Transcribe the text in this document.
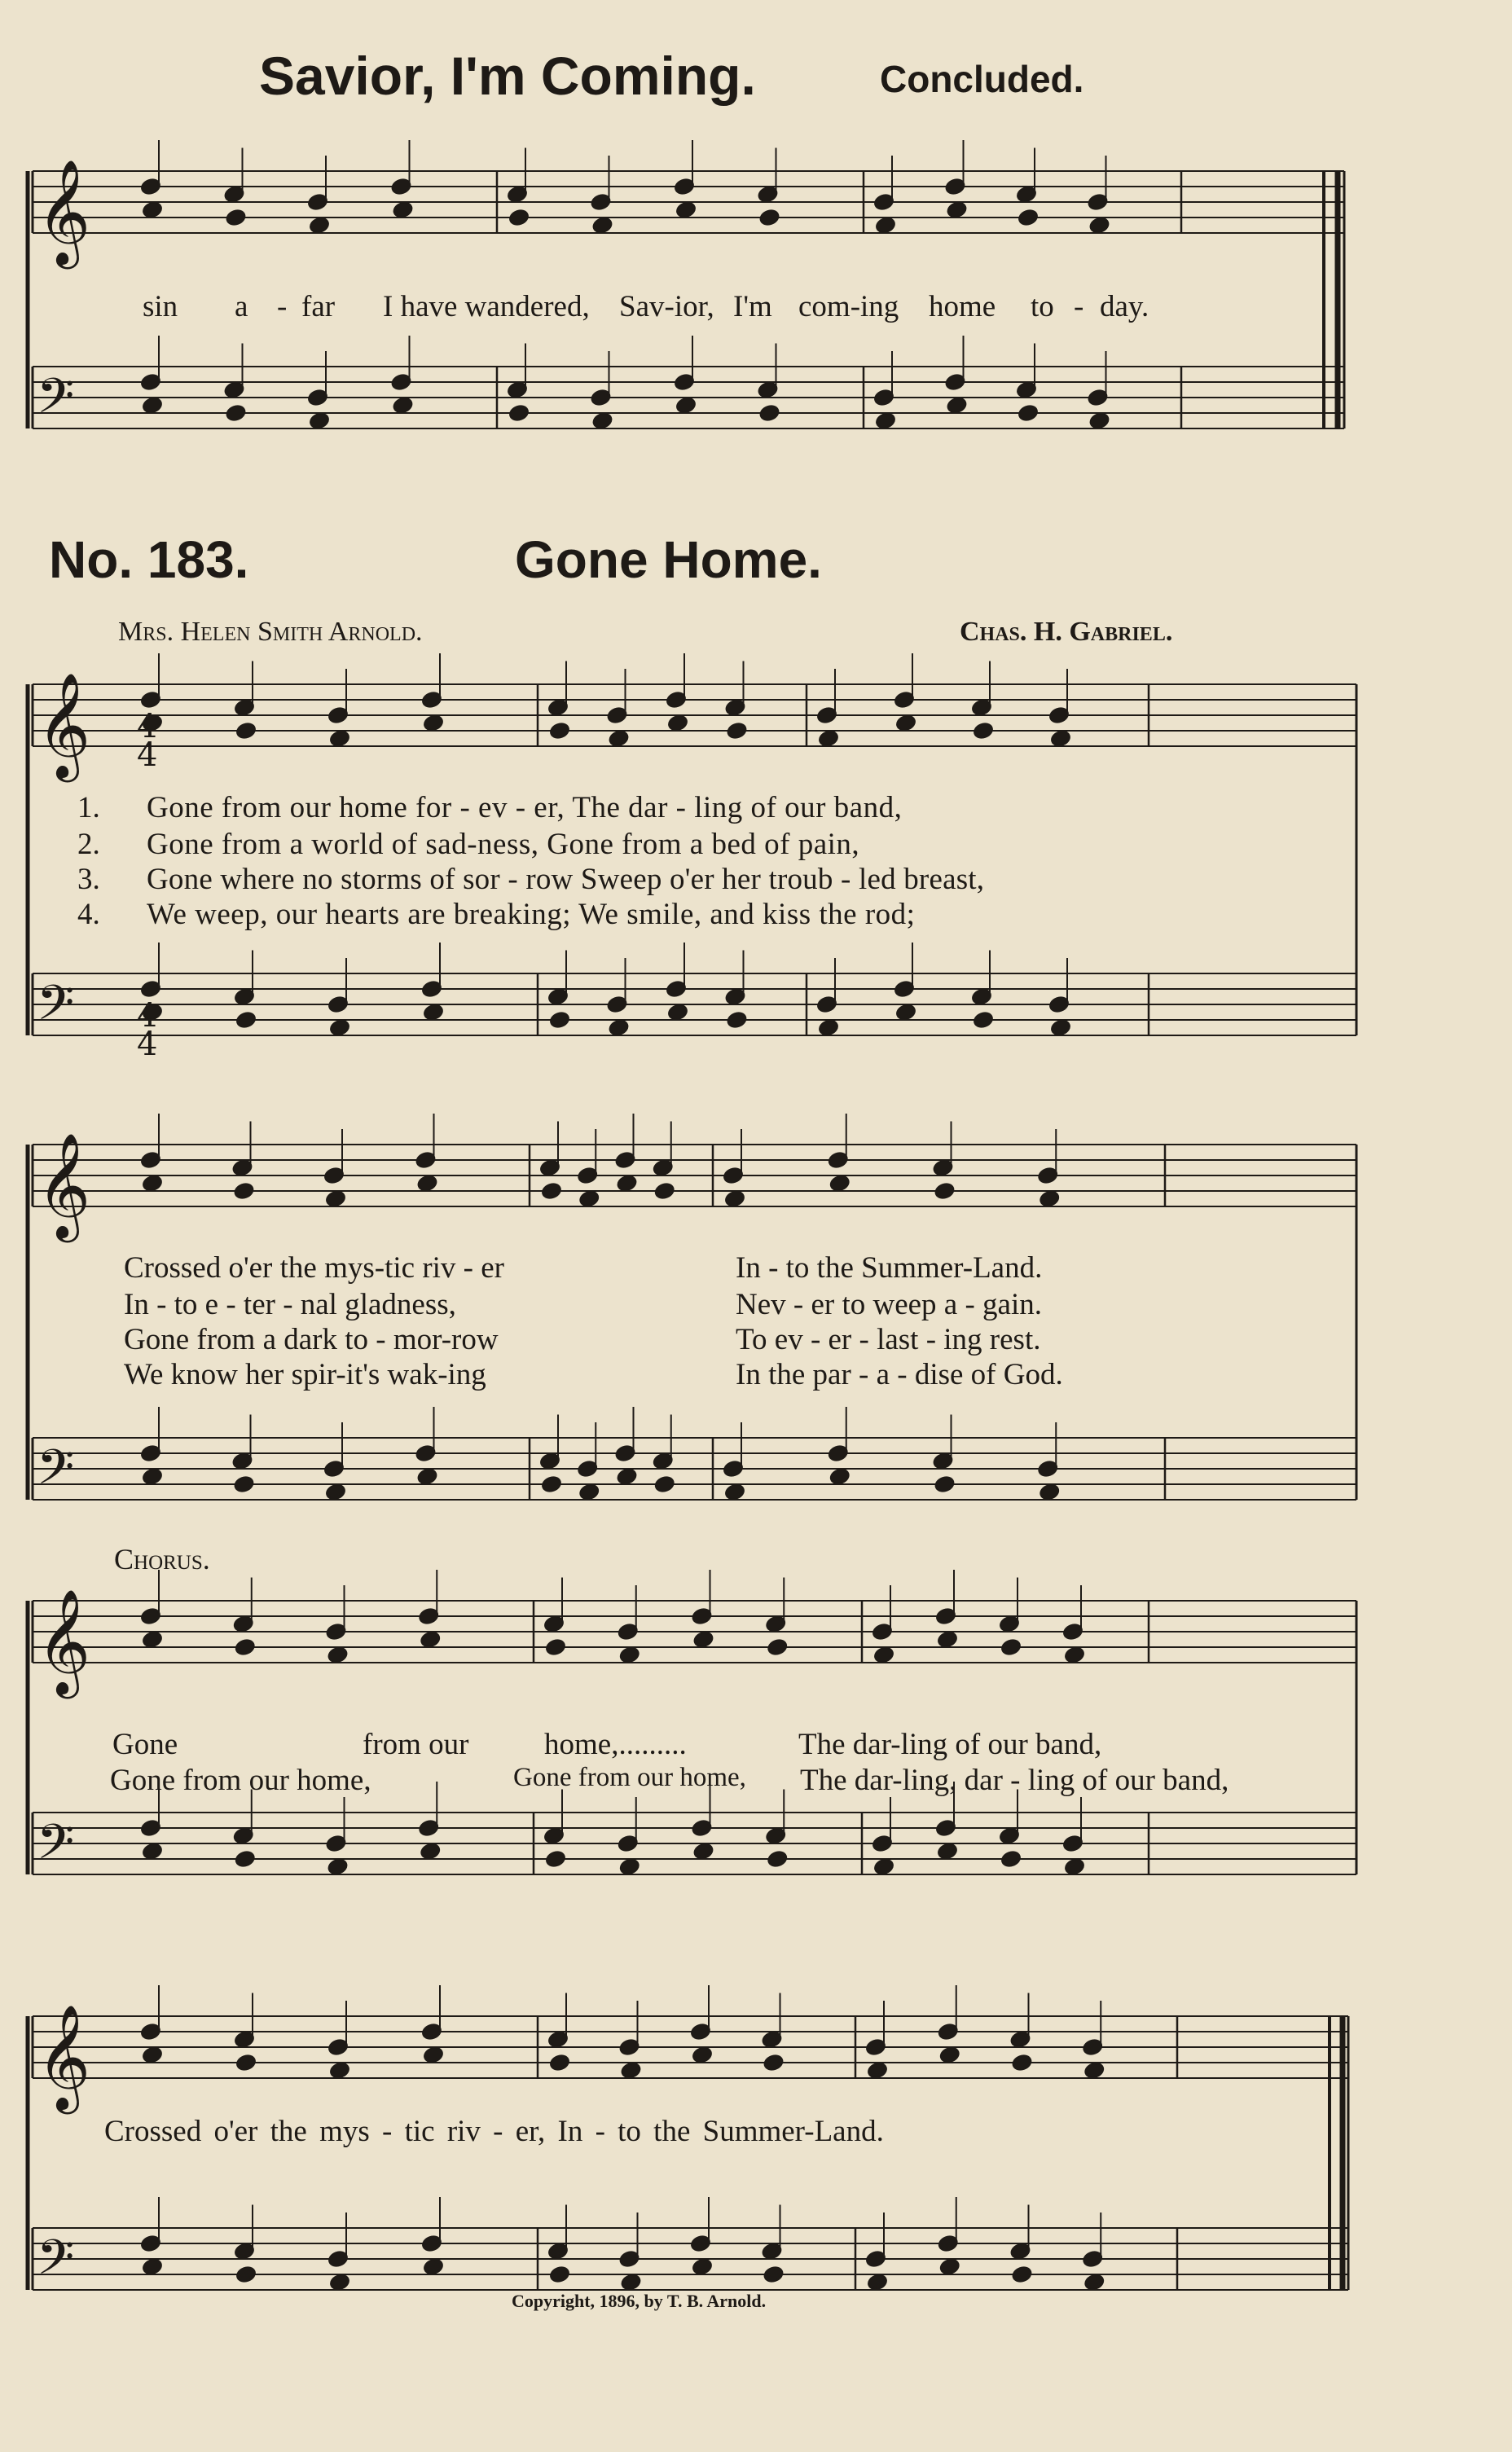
Savior, I'm Coming.	Concluded.
𝄞
𝄢
𝄞
𝄢
𝄞
𝄢
𝄞
𝄢
𝄞
𝄢
4
4
4
4
sin a - far I have wandered, Sav-ior, I'm com-ing home to - day.
No. 183.	Gone Home.
Mrs. Helen Smith Arnold.	Chas. H. Gabriel.
1. Gone from our home for - ev - er, The dar - ling of our band,
2. Gone from a world of sad-ness, Gone from a bed of pain,
3. Gone where no storms of sor - row Sweep o'er her troub - led breast,
4. We weep, our hearts are breaking; We smile, and kiss the rod;
Crossed o'er the mys-tic riv - er	In - to the Summer-Land.
In - to e - ter - nal gladness,	Nev - er to weep a - gain.
Gone from a dark to - mor-row	To ev - er - last - ing rest.
We know her spir-it's wak-ing	In the par - a - dise of God.
Chorus.
Gone	from our	home,.........	The dar-ling of our band,
Gone from our home,	Gone from our home, The dar-ling, dar - ling of our band,
Crossed o'er the mys - tic riv - er, In - to the Summer-Land.
Copyright, 1896, by T. B. Arnold.
